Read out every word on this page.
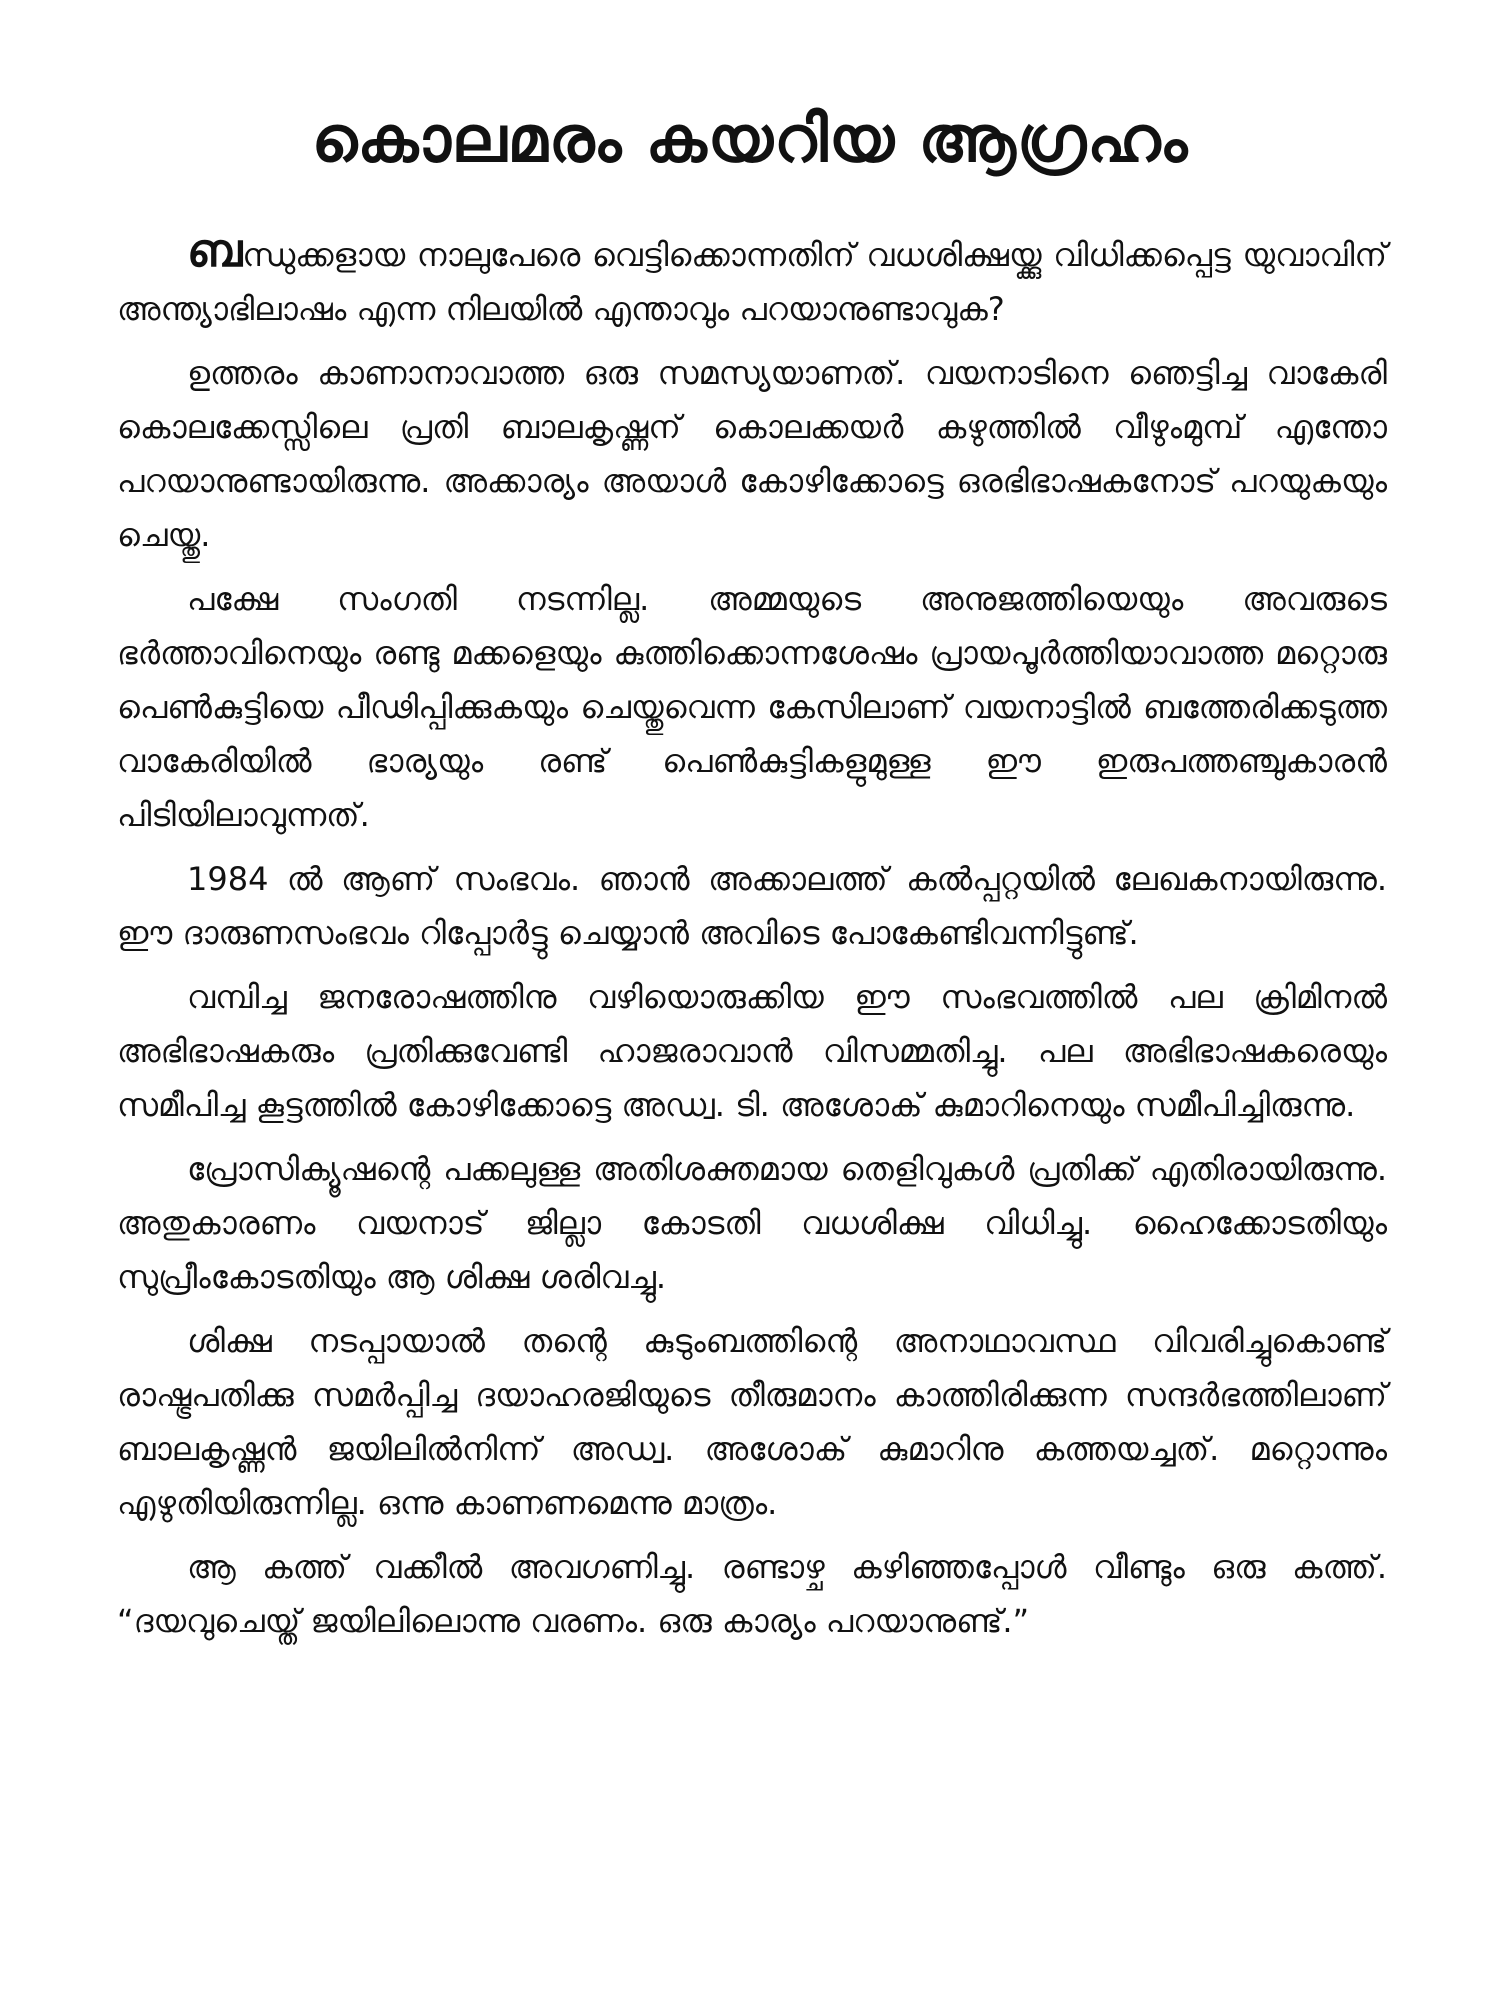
കൊലമരം കയറിയ ആഗ്രഹം

ബന്ധുക്കളായ നാലുപേരെ വെട്ടിക്കൊന്നതിന് വധശിക്ഷയ്ക്കു വിധിക്കപ്പെട്ട യുവാവിന് അന്ത്യാഭിലാഷം എന്ന നിലയിൽ എന്താവും പറയാനുണ്ടാവുക?

ഉത്തരം കാണാനാവാത്ത ഒരു സമസ്യയാണത്. വയനാടിനെ ഞെട്ടിച്ച വാകേരി കൊലക്കേസ്സിലെ പ്രതി ബാലകൃഷ്ണന് കൊലക്കയർ കഴുത്തിൽ വീഴുംമുമ്പ് എന്തോ പറയാനുണ്ടായിരുന്നു. അക്കാര്യം അയാൾ കോഴിക്കോട്ടെ ഒരഭിഭാഷകനോട് പറയുകയും ചെയ്തു.

പക്ഷേ സംഗതി നടന്നില്ല. അമ്മയുടെ അനുജത്തിയെയും അവരുടെ ഭർത്താവിനെയും രണ്ടു മക്കളെയും കുത്തിക്കൊന്നശേഷം പ്രായപൂർത്തിയാവാത്ത മറ്റൊരു പെൺകുട്ടിയെ പീഢിപ്പിക്കുകയും ചെയ്തുവെന്ന കേസിലാണ് വയനാട്ടിൽ ബത്തേരിക്കടുത്ത വാകേരിയിൽ ഭാര്യയും രണ്ട് പെൺകുട്ടികളുമുള്ള ഈ ഇരുപത്തഞ്ചുകാരൻ പിടിയിലാവുന്നത്.

1984 ൽ ആണ് സംഭവം. ഞാൻ അക്കാലത്ത് കൽപ്പറ്റയിൽ ലേഖകനായിരുന്നു. ഈ ദാരുണസംഭവം റിപ്പോർട്ടു ചെയ്യാൻ അവിടെ പോകേണ്ടിവന്നിട്ടുണ്ട്.

വമ്പിച്ച ജനരോഷത്തിനു വഴിയൊരുക്കിയ ഈ സംഭവത്തിൽ പല ക്രിമിനൽ അഭിഭാഷകരും പ്രതിക്കുവേണ്ടി ഹാജരാവാൻ വിസമ്മതിച്ചു. പല അഭിഭാഷകരെയും സമീപിച്ച കൂട്ടത്തിൽ കോഴിക്കോട്ടെ അഡ്വ. ടി. അശോക് കുമാറിനെയും സമീപിച്ചിരുന്നു.

പ്രോസിക്യൂഷന്റെ പക്കലുള്ള അതിശക്തമായ തെളിവുകൾ പ്രതിക്ക് എതിരായിരുന്നു. അതുകാരണം വയനാട് ജില്ലാ കോടതി വധശിക്ഷ വിധിച്ചു. ഹൈക്കോടതിയും സുപ്രീംകോടതിയും ആ ശിക്ഷ ശരിവച്ചു.

ശിക്ഷ നടപ്പായാൽ തന്റെ കുടുംബത്തിന്റെ അനാഥാവസ്ഥ വിവരിച്ചുകൊണ്ട് രാഷ്ട്രപതിക്കു സമർപ്പിച്ച ദയാഹരജിയുടെ തീരുമാനം കാത്തിരിക്കുന്ന സന്ദർഭത്തിലാണ് ബാലകൃഷ്ണൻ ജയിലിൽനിന്ന് അഡ്വ. അശോക് കുമാറിനു കത്തയച്ചത്. മറ്റൊന്നും എഴുതിയിരുന്നില്ല. ഒന്നു കാണണമെന്നു മാത്രം.

ആ കത്ത് വക്കീൽ അവഗണിച്ചു. രണ്ടാഴ്ച കഴിഞ്ഞപ്പോൾ വീണ്ടും ഒരു കത്ത്. “ദയവുചെയ്ത് ജയിലിലൊന്നു വരണം. ഒരു കാര്യം പറയാനുണ്ട്.”
